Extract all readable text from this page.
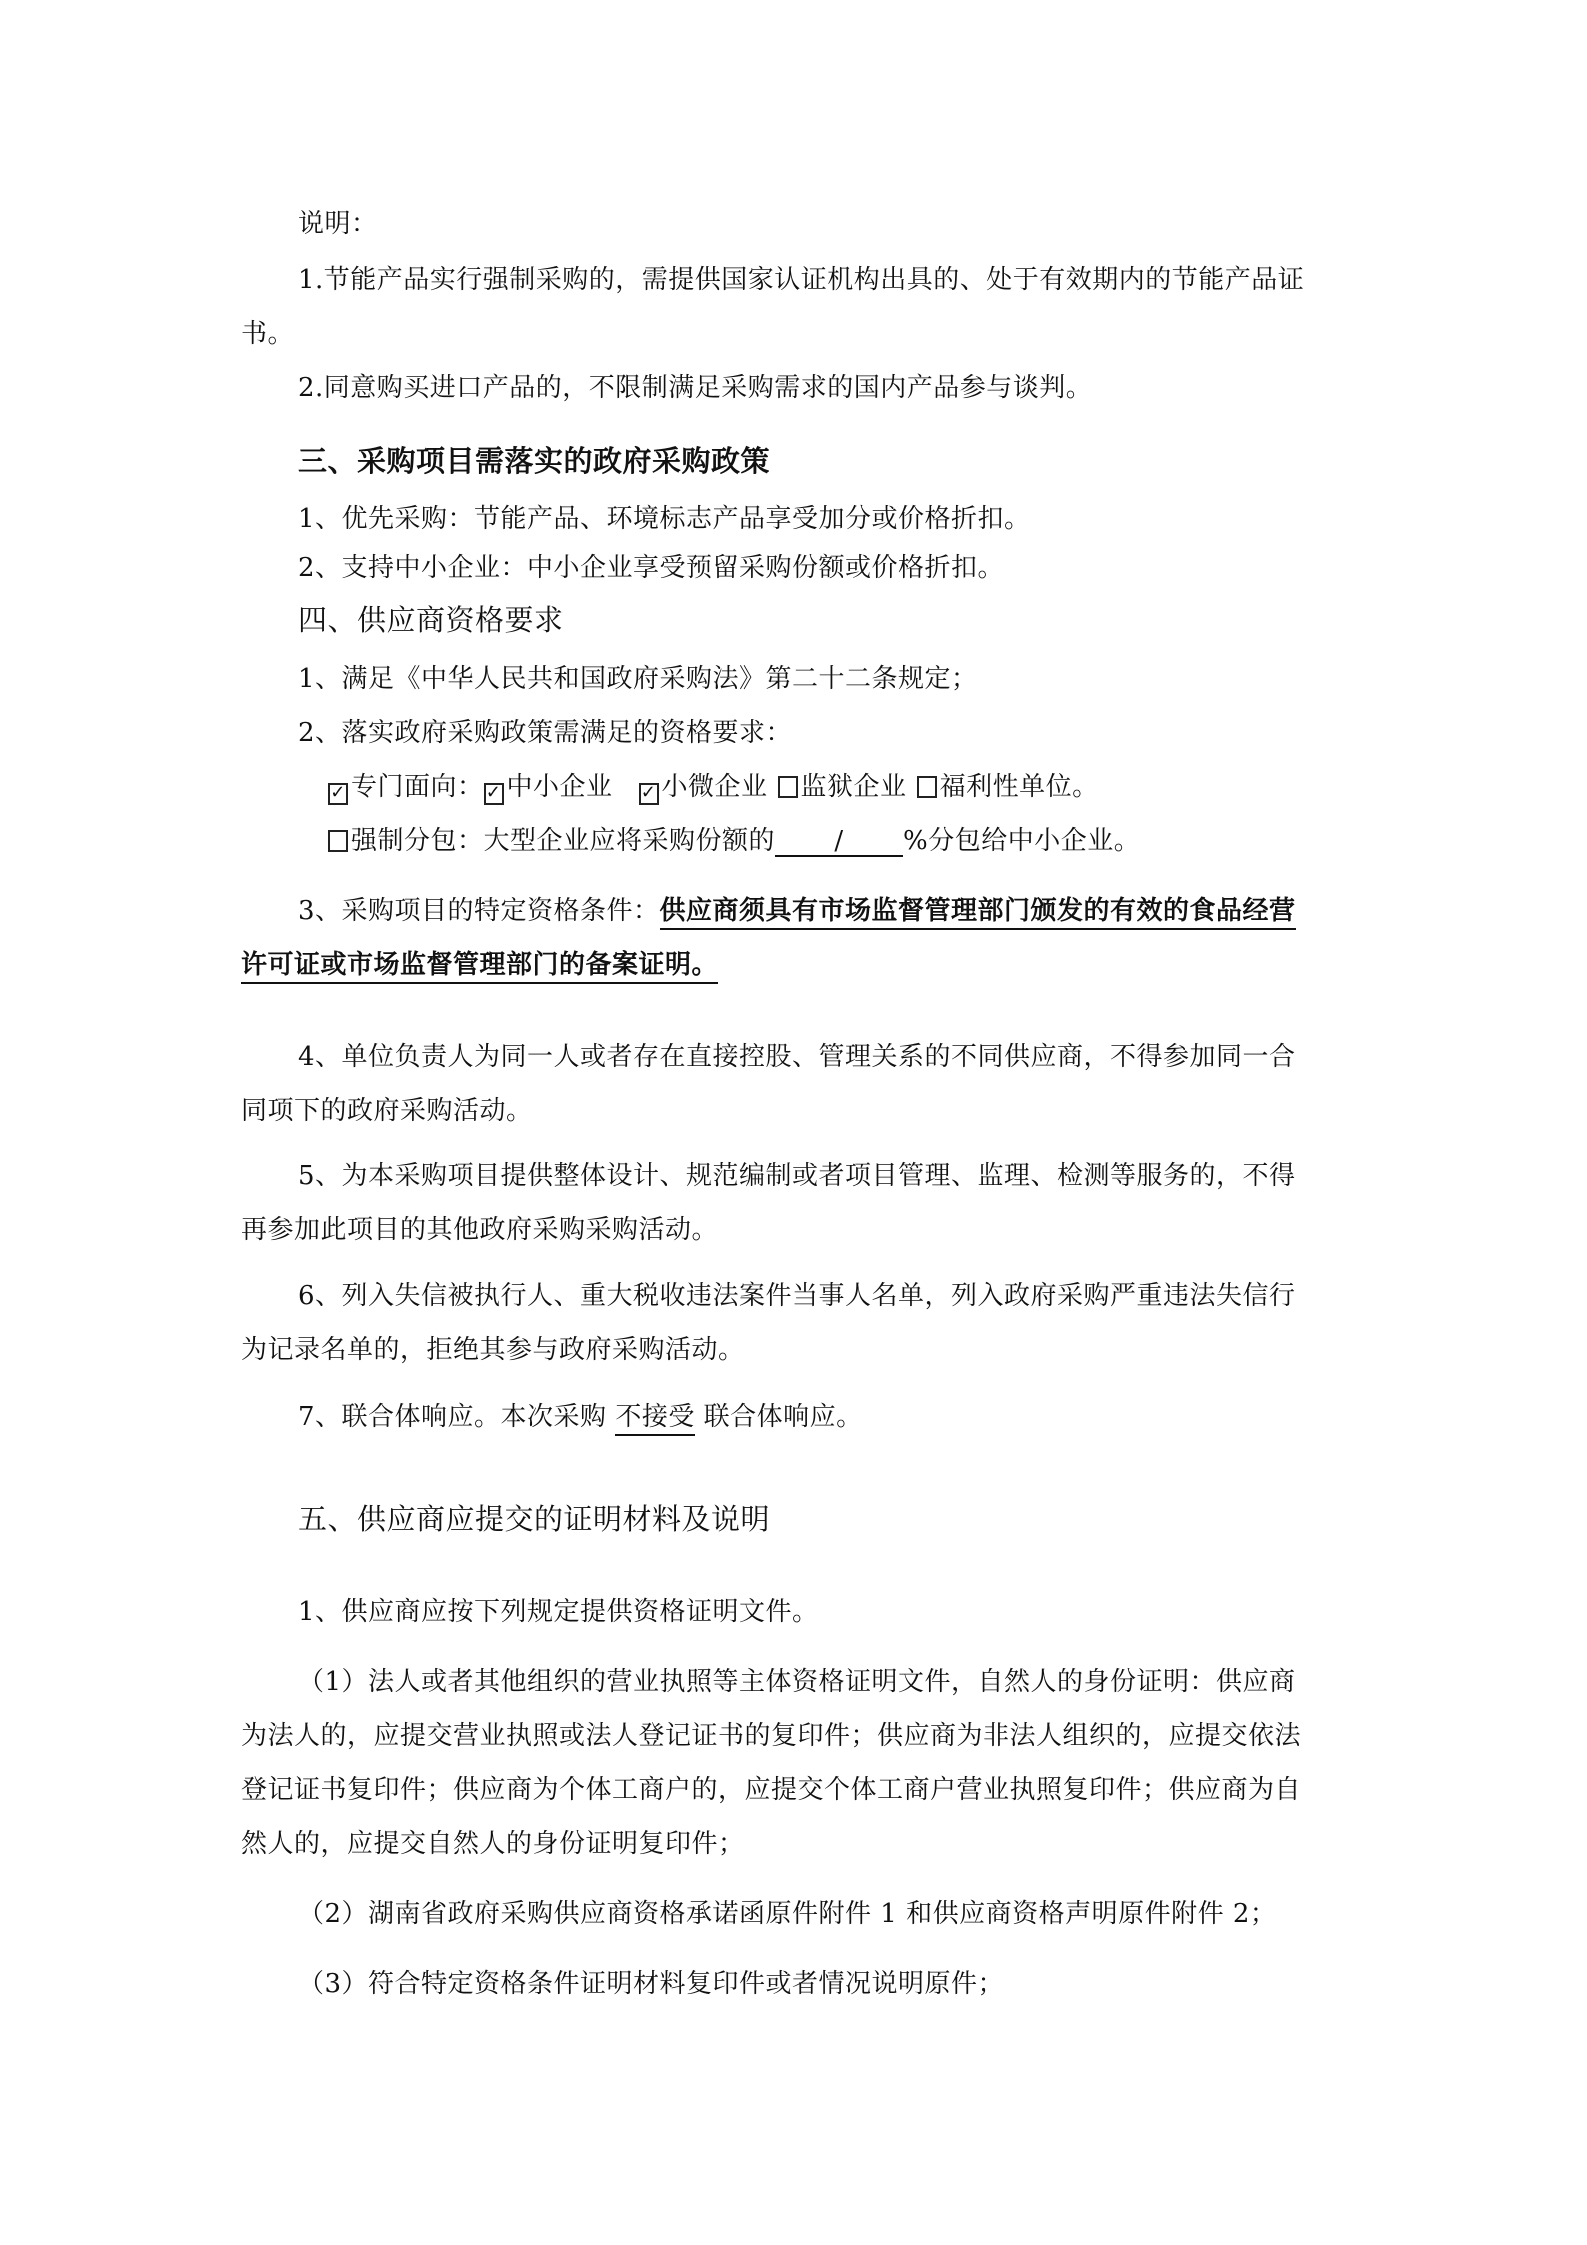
说明：
1.节能产品实行强制采购的，需提供国家认证机构出具的、处于有效期内的节能产品证
书。
2.同意购买进口产品的，不限制满足采购需求的国内产品参与谈判。
三、采购项目需落实的政府采购政策
1、优先采购：节能产品、环境标志产品享受加分或价格折扣。
2、支持中小企业：中小企业享受预留采购份额或价格折扣。
四、供应商资格要求
1、满足《中华人民共和国政府采购法》第二十二条规定；
2、落实政府采购政策需满足的资格要求：
✓ 专门面向： ✓ 中小企业 ✓ 小微企业 监狱企业 福利性单位。
强制分包：大型企业应将采购份额的 / %分包给中小企业。
3、采购项目的特定资格条件：供应商须具有市场监督管理部门颁发的有效的食品经营
许可证或市场监督管理部门的备案证明。
4、单位负责人为同一人或者存在直接控股、管理关系的不同供应商，不得参加同一合
同项下的政府采购活动。
5、为本采购项目提供整体设计、规范编制或者项目管理、监理、检测等服务的，不得
再参加此项目的其他政府采购采购活动。
6、列入失信被执行人、重大税收违法案件当事人名单，列入政府采购严重违法失信行
为记录名单的，拒绝其参与政府采购活动。
7、联合体响应。本次采购 不接受 联合体响应。
五、供应商应提交的证明材料及说明
1、供应商应按下列规定提供资格证明文件。
（1）法人或者其他组织的营业执照等主体资格证明文件，自然人的身份证明：供应商
为法人的，应提交营业执照或法人登记证书的复印件；供应商为非法人组织的，应提交依法
登记证书复印件；供应商为个体工商户的，应提交个体工商户营业执照复印件；供应商为自
然人的，应提交自然人的身份证明复印件；
（2）湖南省政府采购供应商资格承诺函原件附件 1 和供应商资格声明原件附件 2；
（3）符合特定资格条件证明材料复印件或者情况说明原件；
